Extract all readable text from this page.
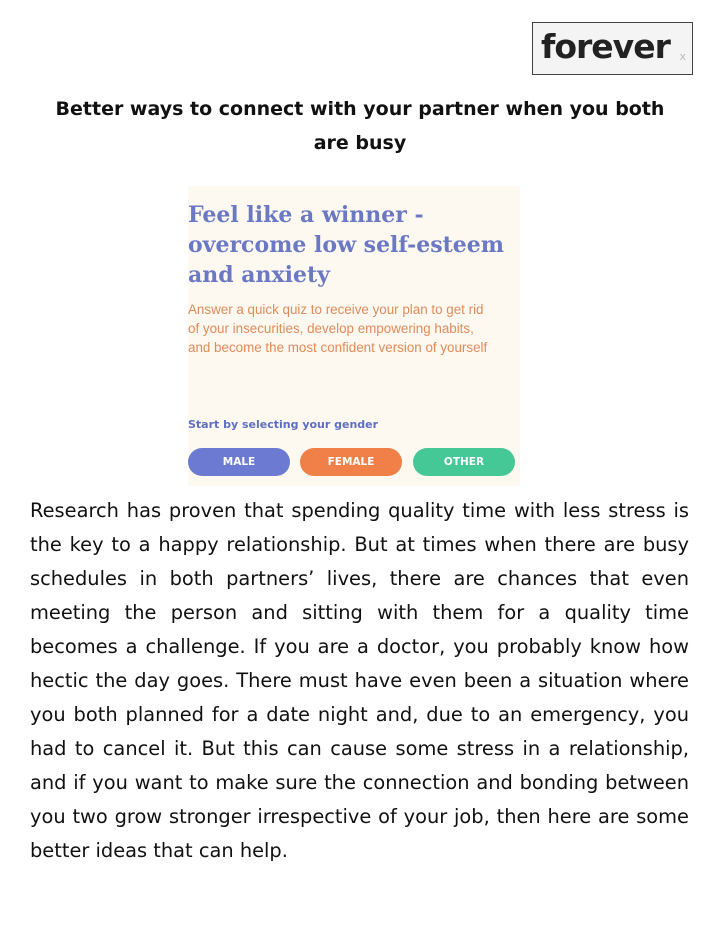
forever x
Better ways to connect with your partner when you both are busy

Feel like a winner - overcome low self-esteem and anxiety

Answer a quick quiz to receive your plan to get rid of your insecurities, develop empowering habits, and become the most confident version of yourself

Start by selecting your gender

MALE	FEMALE	OTHER

Research has proven that spending quality time with less stress is the key to a happy relationship. But at times when there are busy schedules in both partners’ lives, there are chances that even meeting the person and sitting with them for a quality time becomes a challenge. If you are a doctor, you probably know how hectic the day goes. There must have even been a situation where you both planned for a date night and, due to an emergency, you had to cancel it. But this can cause some stress in a relationship, and if you want to make sure the connection and bonding between you two grow stronger irrespective of your job, then here are some better ideas that can help.
